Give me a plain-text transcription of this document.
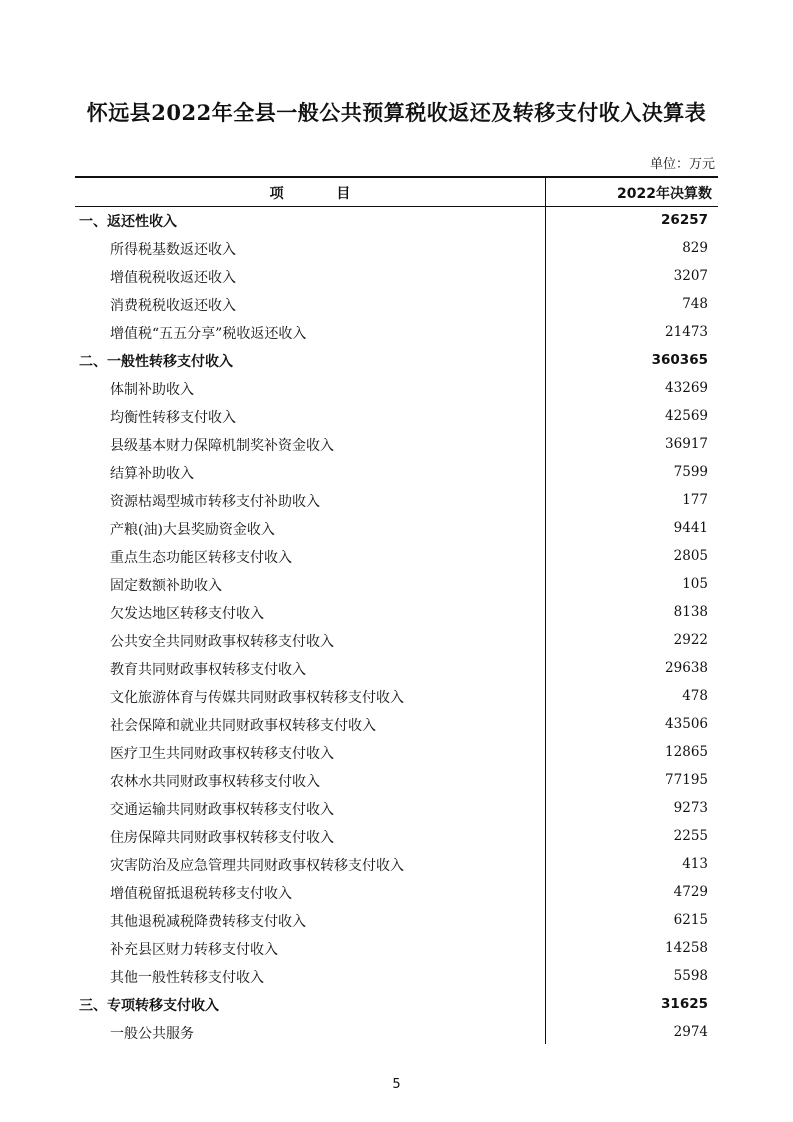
怀远县2022年全县一般公共预算税收返还及转移支付收入决算表
单位：万元
项 目	2022年决算数
一、返还性收入	26257
所得税基数返还收入	829
增值税税收返还收入	3207
消费税税收返还收入	748
增值税“五五分享”税收返还收入	21473
二、一般性转移支付收入	360365
体制补助收入	43269
均衡性转移支付收入	42569
县级基本财力保障机制奖补资金收入	36917
结算补助收入	7599
资源枯竭型城市转移支付补助收入	177
产粮(油)大县奖励资金收入	9441
重点生态功能区转移支付收入	2805
固定数额补助收入	105
欠发达地区转移支付收入	8138
公共安全共同财政事权转移支付收入	2922
教育共同财政事权转移支付收入	29638
文化旅游体育与传媒共同财政事权转移支付收入	478
社会保障和就业共同财政事权转移支付收入	43506
医疗卫生共同财政事权转移支付收入	12865
农林水共同财政事权转移支付收入	77195
交通运输共同财政事权转移支付收入	9273
住房保障共同财政事权转移支付收入	2255
灾害防治及应急管理共同财政事权转移支付收入	413
增值税留抵退税转移支付收入	4729
其他退税减税降费转移支付收入	6215
补充县区财力转移支付收入	14258
其他一般性转移支付收入	5598
三、专项转移支付收入	31625
一般公共服务	2974
5
